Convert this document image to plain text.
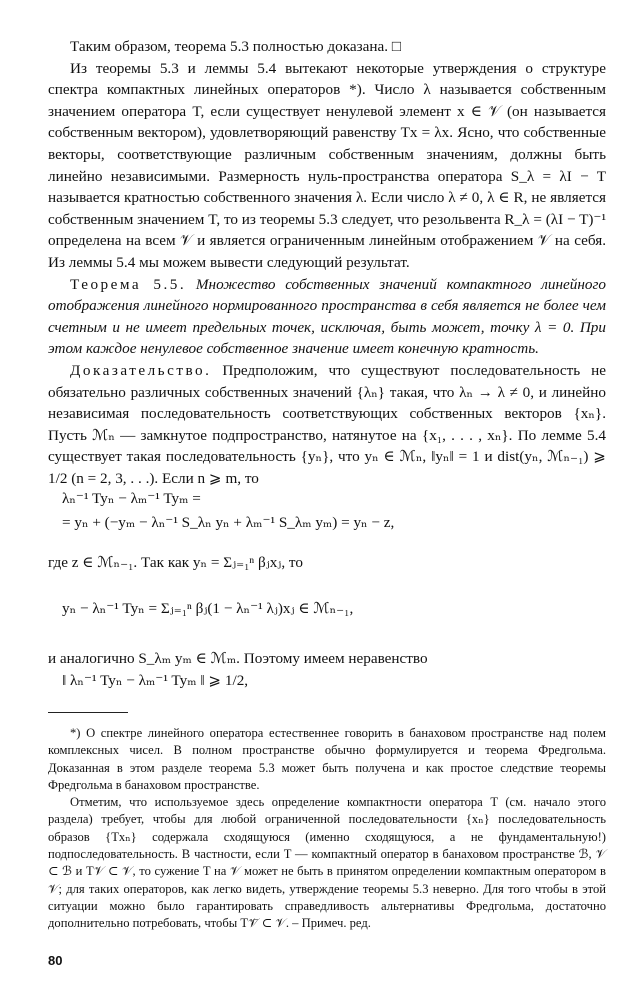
Таким образом, теорема 5.3 полностью доказана. □

Из теоремы 5.3 и леммы 5.4 вытекают некоторые утверждения о структуре спектра компактных линейных операторов *). Число λ называется собственным значением оператора T, если существует ненулевой элемент x ∈ 𝒱 (он называется собственным вектором), удовлетворяющий равенству Tx = λx. Ясно, что собственные векторы, соответствующие различным собственным значениям, должны быть линейно независимыми. Размерность нуль-пространства оператора S_λ = λI − T называется кратностью собственного значения λ. Если число λ ≠ 0, λ ∈ R, не является собственным значением T, то из теоремы 5.3 следует, что резольвента R_λ = (λI − T)⁻¹ определена на всем 𝒱 и является ограниченным линейным отображением 𝒱 на себя. Из леммы 5.4 мы можем вывести следующий результат.

Теорема 5.5. Множество собственных значений компактного линейного отображения линейного нормированного пространства в себя является не более чем счетным и не имеет предельных точек, исключая, быть может, точку λ = 0. При этом каждое ненулевое собственное значение имеет конечную кратность.

Доказательство. Предположим, что существуют последовательность не обязательно различных собственных значений {λₙ} такая, что λₙ → λ ≠ 0, и линейно независимая последовательность соответствующих собственных векторов {xₙ}. Пусть ℳₙ — замкнутое подпространство, натянутое на {x₁, . . . , xₙ}. По лемме 5.4 существует такая последовательность {yₙ}, что yₙ ∈ ℳₙ, ‖yₙ‖ = 1 и dist(yₙ, ℳₙ₋₁) ⩾ 1/2 (n = 2, 3, . . .). Если n ⩾ m, то

λₙ⁻¹ Tyₙ − λₘ⁻¹ Tyₘ =
= yₙ + (−yₘ − λₙ⁻¹ S_λₙ yₙ + λₘ⁻¹ S_λₘ yₘ) = yₙ − z,
где z ∈ ℳₙ₋₁. Так как yₙ = Σⱼ₌₁ⁿ βⱼxⱼ, то
yₙ − λₙ⁻¹ Tyₙ = Σⱼ₌₁ⁿ βⱼ(1 − λₙ⁻¹ λⱼ)xⱼ ∈ ℳₙ₋₁,
и аналогично S_λₘ yₘ ∈ ℳₘ. Поэтому имеем неравенство
‖ λₙ⁻¹ Tyₙ − λₘ⁻¹ Tyₘ ‖ ⩾ 1/2,

*) О спектре линейного оператора естественнее говорить в банаховом пространстве над полем комплексных чисел. В полном пространстве обычно формулируется и теорема Фредгольма. Доказанная в этом разделе теорема 5.3 может быть получена и как простое следствие теоремы Фредгольма в банаховом пространстве.

Отметим, что используемое здесь определение компактности оператора T (см. начало этого раздела) требует, чтобы для любой ограниченной последовательности {xₙ} последовательность образов {Txₙ} содержала сходящуюся (именно сходящуюся, а не фундаментальную!) подпоследовательность. В частности, если T — компактный оператор в банаховом пространстве ℬ, 𝒱 ⊂ ℬ и T𝒱 ⊂ 𝒱, то сужение T на 𝒱 может не быть в принятом определении компактным оператором в 𝒱; для таких операторов, как легко видеть, утверждение теоремы 5.3 неверно. Для того чтобы в этой ситуации можно было гарантировать справедливость альтернативы Фредгольма, достаточно дополнительно потребовать, чтобы T𝒱̄ ⊂ 𝒱. – Примеч. ред.

80
